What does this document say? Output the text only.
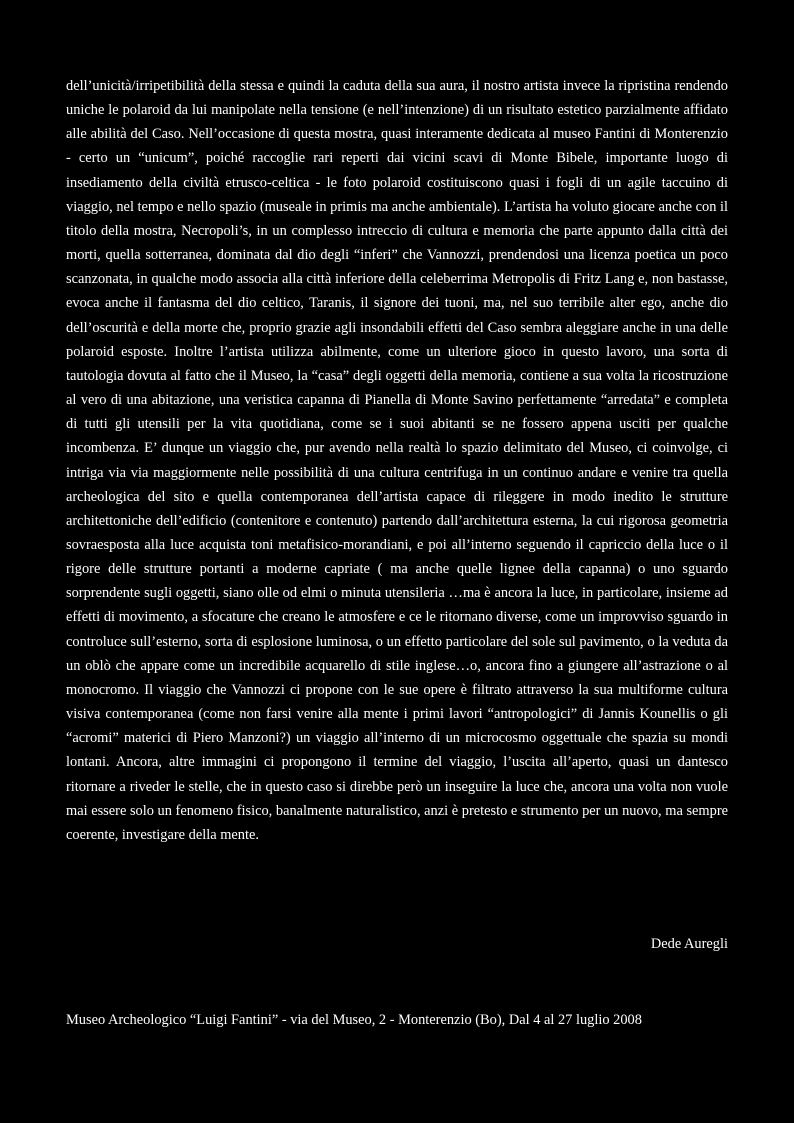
dell’unicità/irripetibilità della stessa e quindi la caduta della sua aura, il nostro artista invece la ripristina rendendo uniche le polaroid da lui manipolate nella tensione (e nell’intenzione) di un risultato estetico parzialmente affidato alle abilità del Caso. Nell’occasione di questa mostra, quasi interamente dedicata al museo Fantini di Monterenzio - certo un “unicum”, poiché raccoglie rari reperti dai vicini scavi di Monte Bibele, importante luogo di insediamento della civiltà etrusco-celtica - le foto polaroid costituiscono quasi i fogli di un agile taccuino di viaggio, nel tempo e nello spazio (museale in primis ma anche ambientale). L’artista ha voluto giocare anche con il titolo della mostra, Necropoli’s, in un complesso intreccio di cultura e memoria che parte appunto dalla città dei morti, quella sotterranea, dominata dal dio degli “inferi” che Vannozzi, prendendosi una licenza poetica un poco scanzonata, in qualche modo associa alla città inferiore della celeberrima Metropolis di Fritz Lang e, non bastasse, evoca anche il fantasma del dio celtico, Taranis, il signore dei tuoni, ma, nel suo terribile alter ego, anche dio dell’oscurità e della morte che, proprio grazie agli insondabili effetti del Caso sembra aleggiare anche in una delle polaroid esposte. Inoltre l’artista utilizza abilmente, come un ulteriore gioco in questo lavoro, una sorta di tautologia dovuta al fatto che il Museo, la “casa” degli oggetti della memoria, contiene a sua volta la ricostruzione al vero di una abitazione, una veristica capanna di Pianella di Monte Savino perfettamente “arredata” e completa di tutti gli utensili per la vita quotidiana, come se i suoi abitanti se ne fossero appena usciti per qualche incombenza. E’ dunque un viaggio che, pur avendo nella realtà lo spazio delimitato del Museo, ci coinvolge, ci intriga via via maggiormente nelle possibilità di una cultura centrifuga in un continuo andare e venire tra quella archeologica del sito e quella contemporanea dell’artista capace di rileggere in modo inedito le strutture architettoniche dell’edificio (contenitore e contenuto) partendo dall’architettura esterna, la cui rigorosa geometria sovraesposta alla luce acquista toni metafisico-morandiani, e poi all’interno seguendo il capriccio della luce o il rigore delle strutture portanti a moderne capriate ( ma anche quelle lignee della capanna) o uno sguardo sorprendente sugli oggetti, siano olle od elmi o minuta utensileria …ma è ancora la luce, in particolare, insieme ad effetti di movimento, a sfocature che creano le atmosfere e ce le ritornano diverse, come un improvviso sguardo in controluce sull’esterno, sorta di esplosione luminosa, o un effetto particolare del sole sul pavimento, o la veduta da un oblò che appare come un incredibile acquarello di stile inglese…o, ancora fino a giungere all’astrazione o al monocromo. Il viaggio che Vannozzi ci propone con le sue opere è filtrato attraverso la sua multiforme cultura visiva contemporanea (come non farsi venire alla mente i primi lavori “antropologici” di Jannis Kounellis o gli “acromi” materici di Piero Manzoni?) un viaggio all’interno di un microcosmo oggettuale che spazia su mondi lontani. Ancora, altre immagini ci propongono il termine del viaggio, l’uscita all’aperto, quasi un dantesco ritornare a riveder le stelle, che in questo caso si direbbe però un inseguire la luce che, ancora una volta non vuole mai essere solo un fenomeno fisico, banalmente naturalistico, anzi è pretesto e strumento per un nuovo, ma sempre coerente, investigare della mente.

Dede Auregli

Museo Archeologico “Luigi Fantini” - via del Museo, 2 - Monterenzio (Bo), Dal 4 al 27 luglio 2008
